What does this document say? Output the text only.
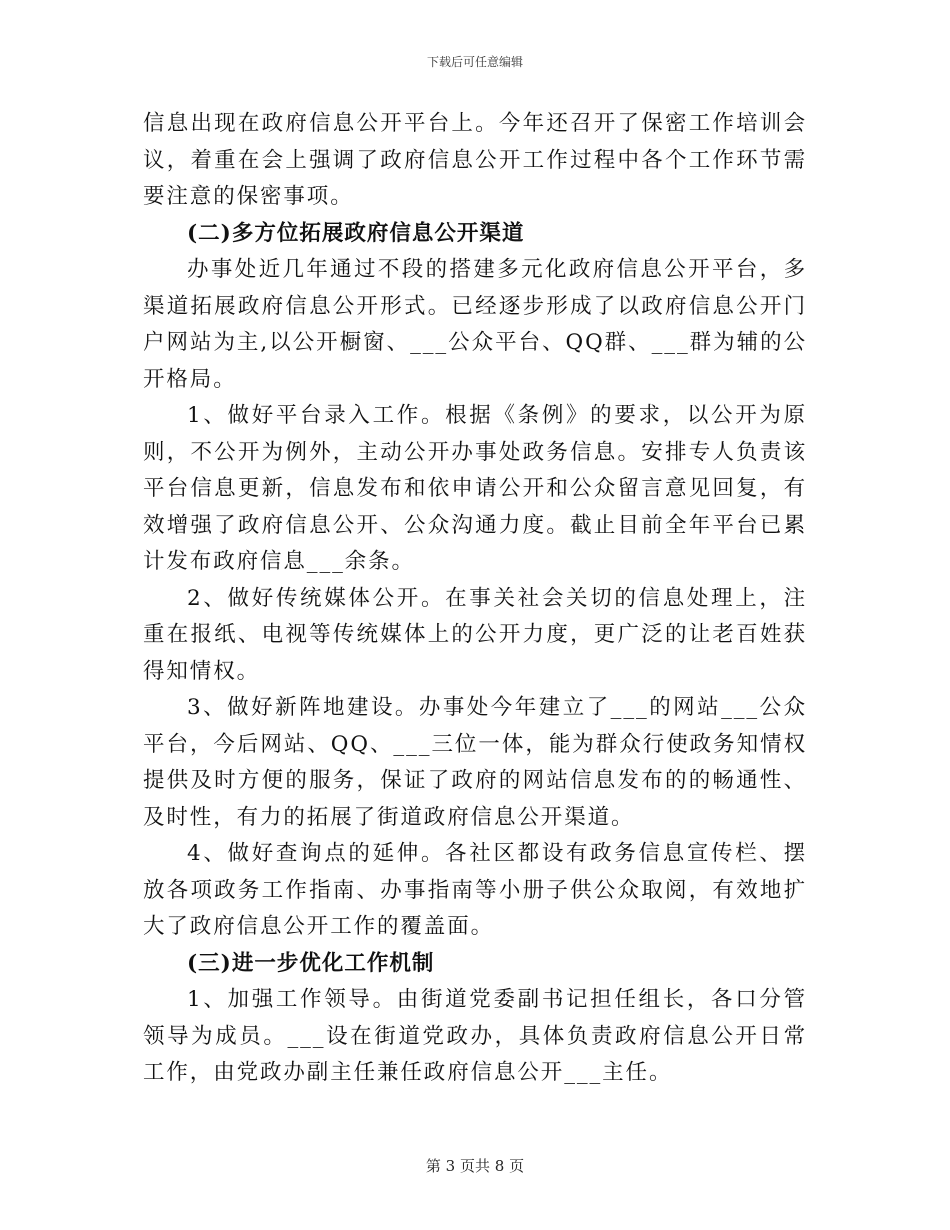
下载后可任意编辑

信息出现在政府信息公开平台上。今年还召开了保密工作培训会议，着重在会上强调了政府信息公开工作过程中各个工作环节需要注意的保密事项。

(二)多方位拓展政府信息公开渠道

办事处近几年通过不段的搭建多元化政府信息公开平台，多渠道拓展政府信息公开形式。已经逐步形成了以政府信息公开门户网站为主,以公开橱窗、___公众平台、QQ群、___群为辅的公开格局。

1、做好平台录入工作。根据《条例》的要求，以公开为原则，不公开为例外，主动公开办事处政务信息。安排专人负责该平台信息更新，信息发布和依申请公开和公众留言意见回复，有效增强了政府信息公开、公众沟通力度。截止目前全年平台已累计发布政府信息___余条。

2、做好传统媒体公开。在事关社会关切的信息处理上，注重在报纸、电视等传统媒体上的公开力度，更广泛的让老百姓获得知情权。

3、做好新阵地建设。办事处今年建立了___的网站___公众平台，今后网站、QQ、___三位一体，能为群众行使政务知情权提供及时方便的服务，保证了政府的网站信息发布的的畅通性、及时性，有力的拓展了街道政府信息公开渠道。

4、做好查询点的延伸。各社区都设有政务信息宣传栏、摆放各项政务工作指南、办事指南等小册子供公众取阅，有效地扩大了政府信息公开工作的覆盖面。

(三)进一步优化工作机制

1、加强工作领导。由街道党委副书记担任组长，各口分管领导为成员。___设在街道党政办，具体负责政府信息公开日常工作，由党政办副主任兼任政府信息公开___主任。

第 3 页共 8 页
